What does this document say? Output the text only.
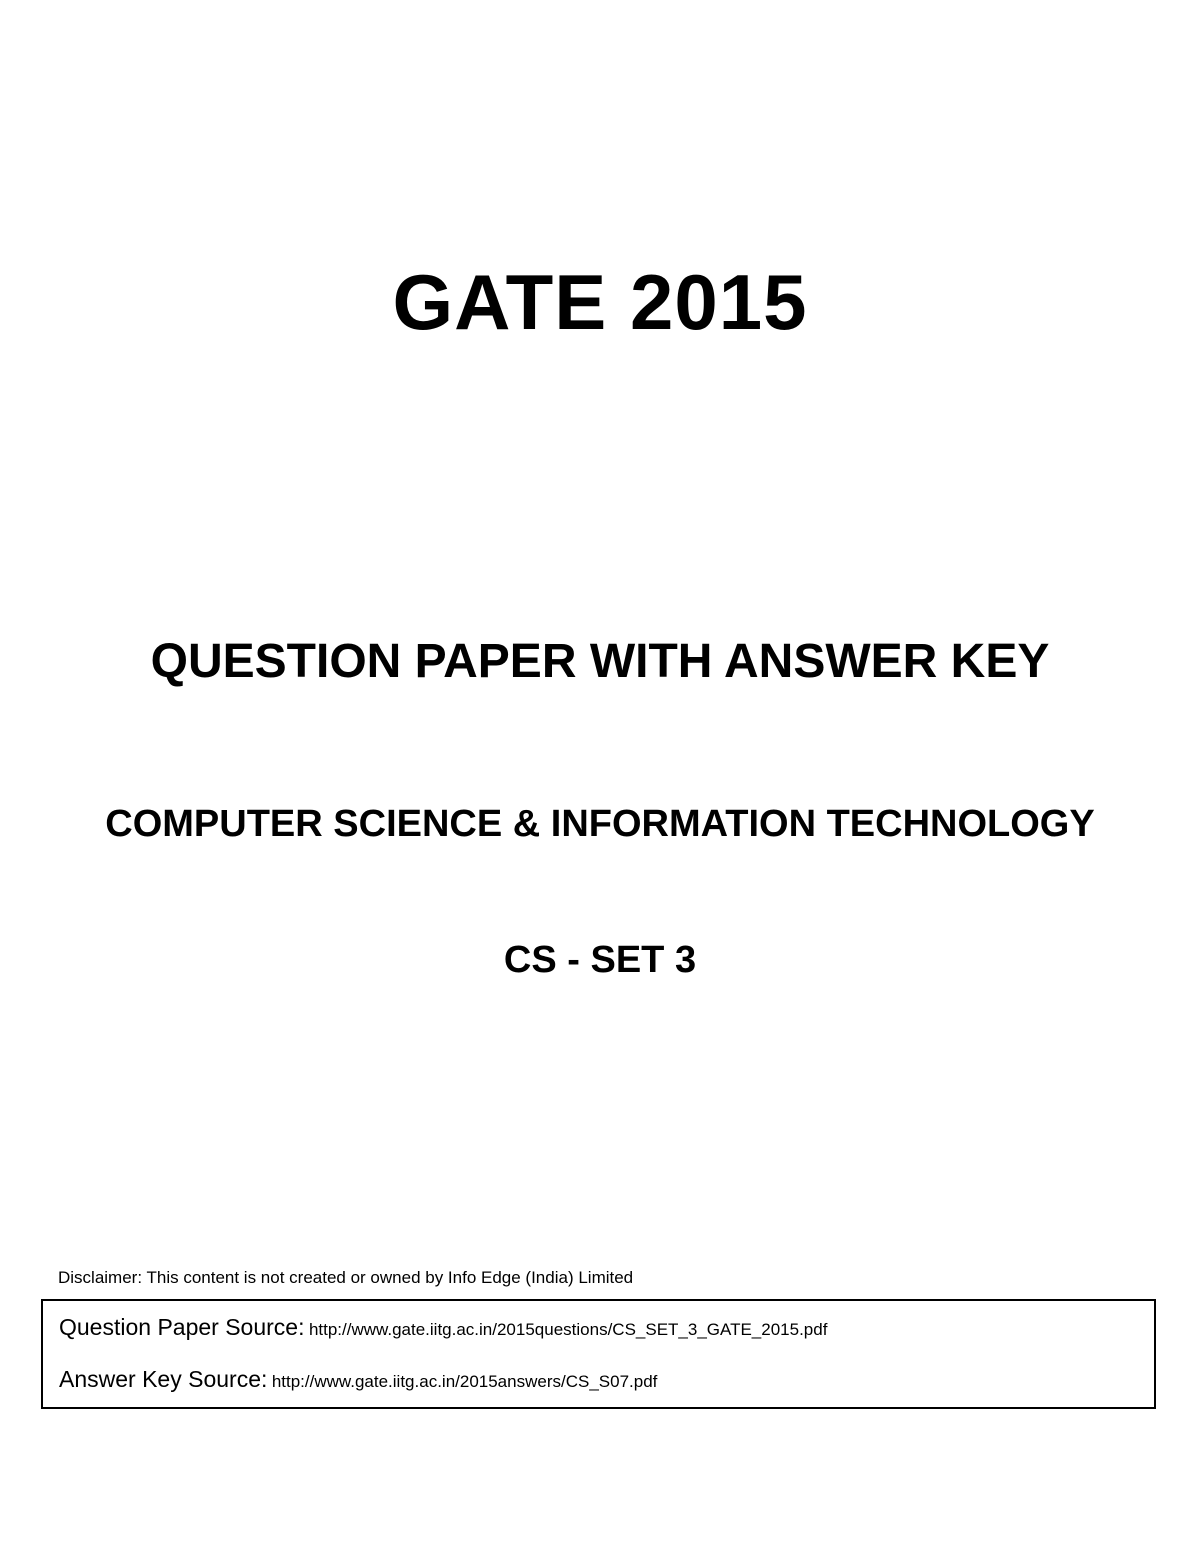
GATE 2015
QUESTION PAPER WITH ANSWER KEY
COMPUTER SCIENCE & INFORMATION TECHNOLOGY
CS - SET 3

Disclaimer: This content is not created or owned by Info Edge (India) Limited

Question Paper Source: http://www.gate.iitg.ac.in/2015questions/CS_SET_3_GATE_2015.pdf

Answer Key Source: http://www.gate.iitg.ac.in/2015answers/CS_S07.pdf
